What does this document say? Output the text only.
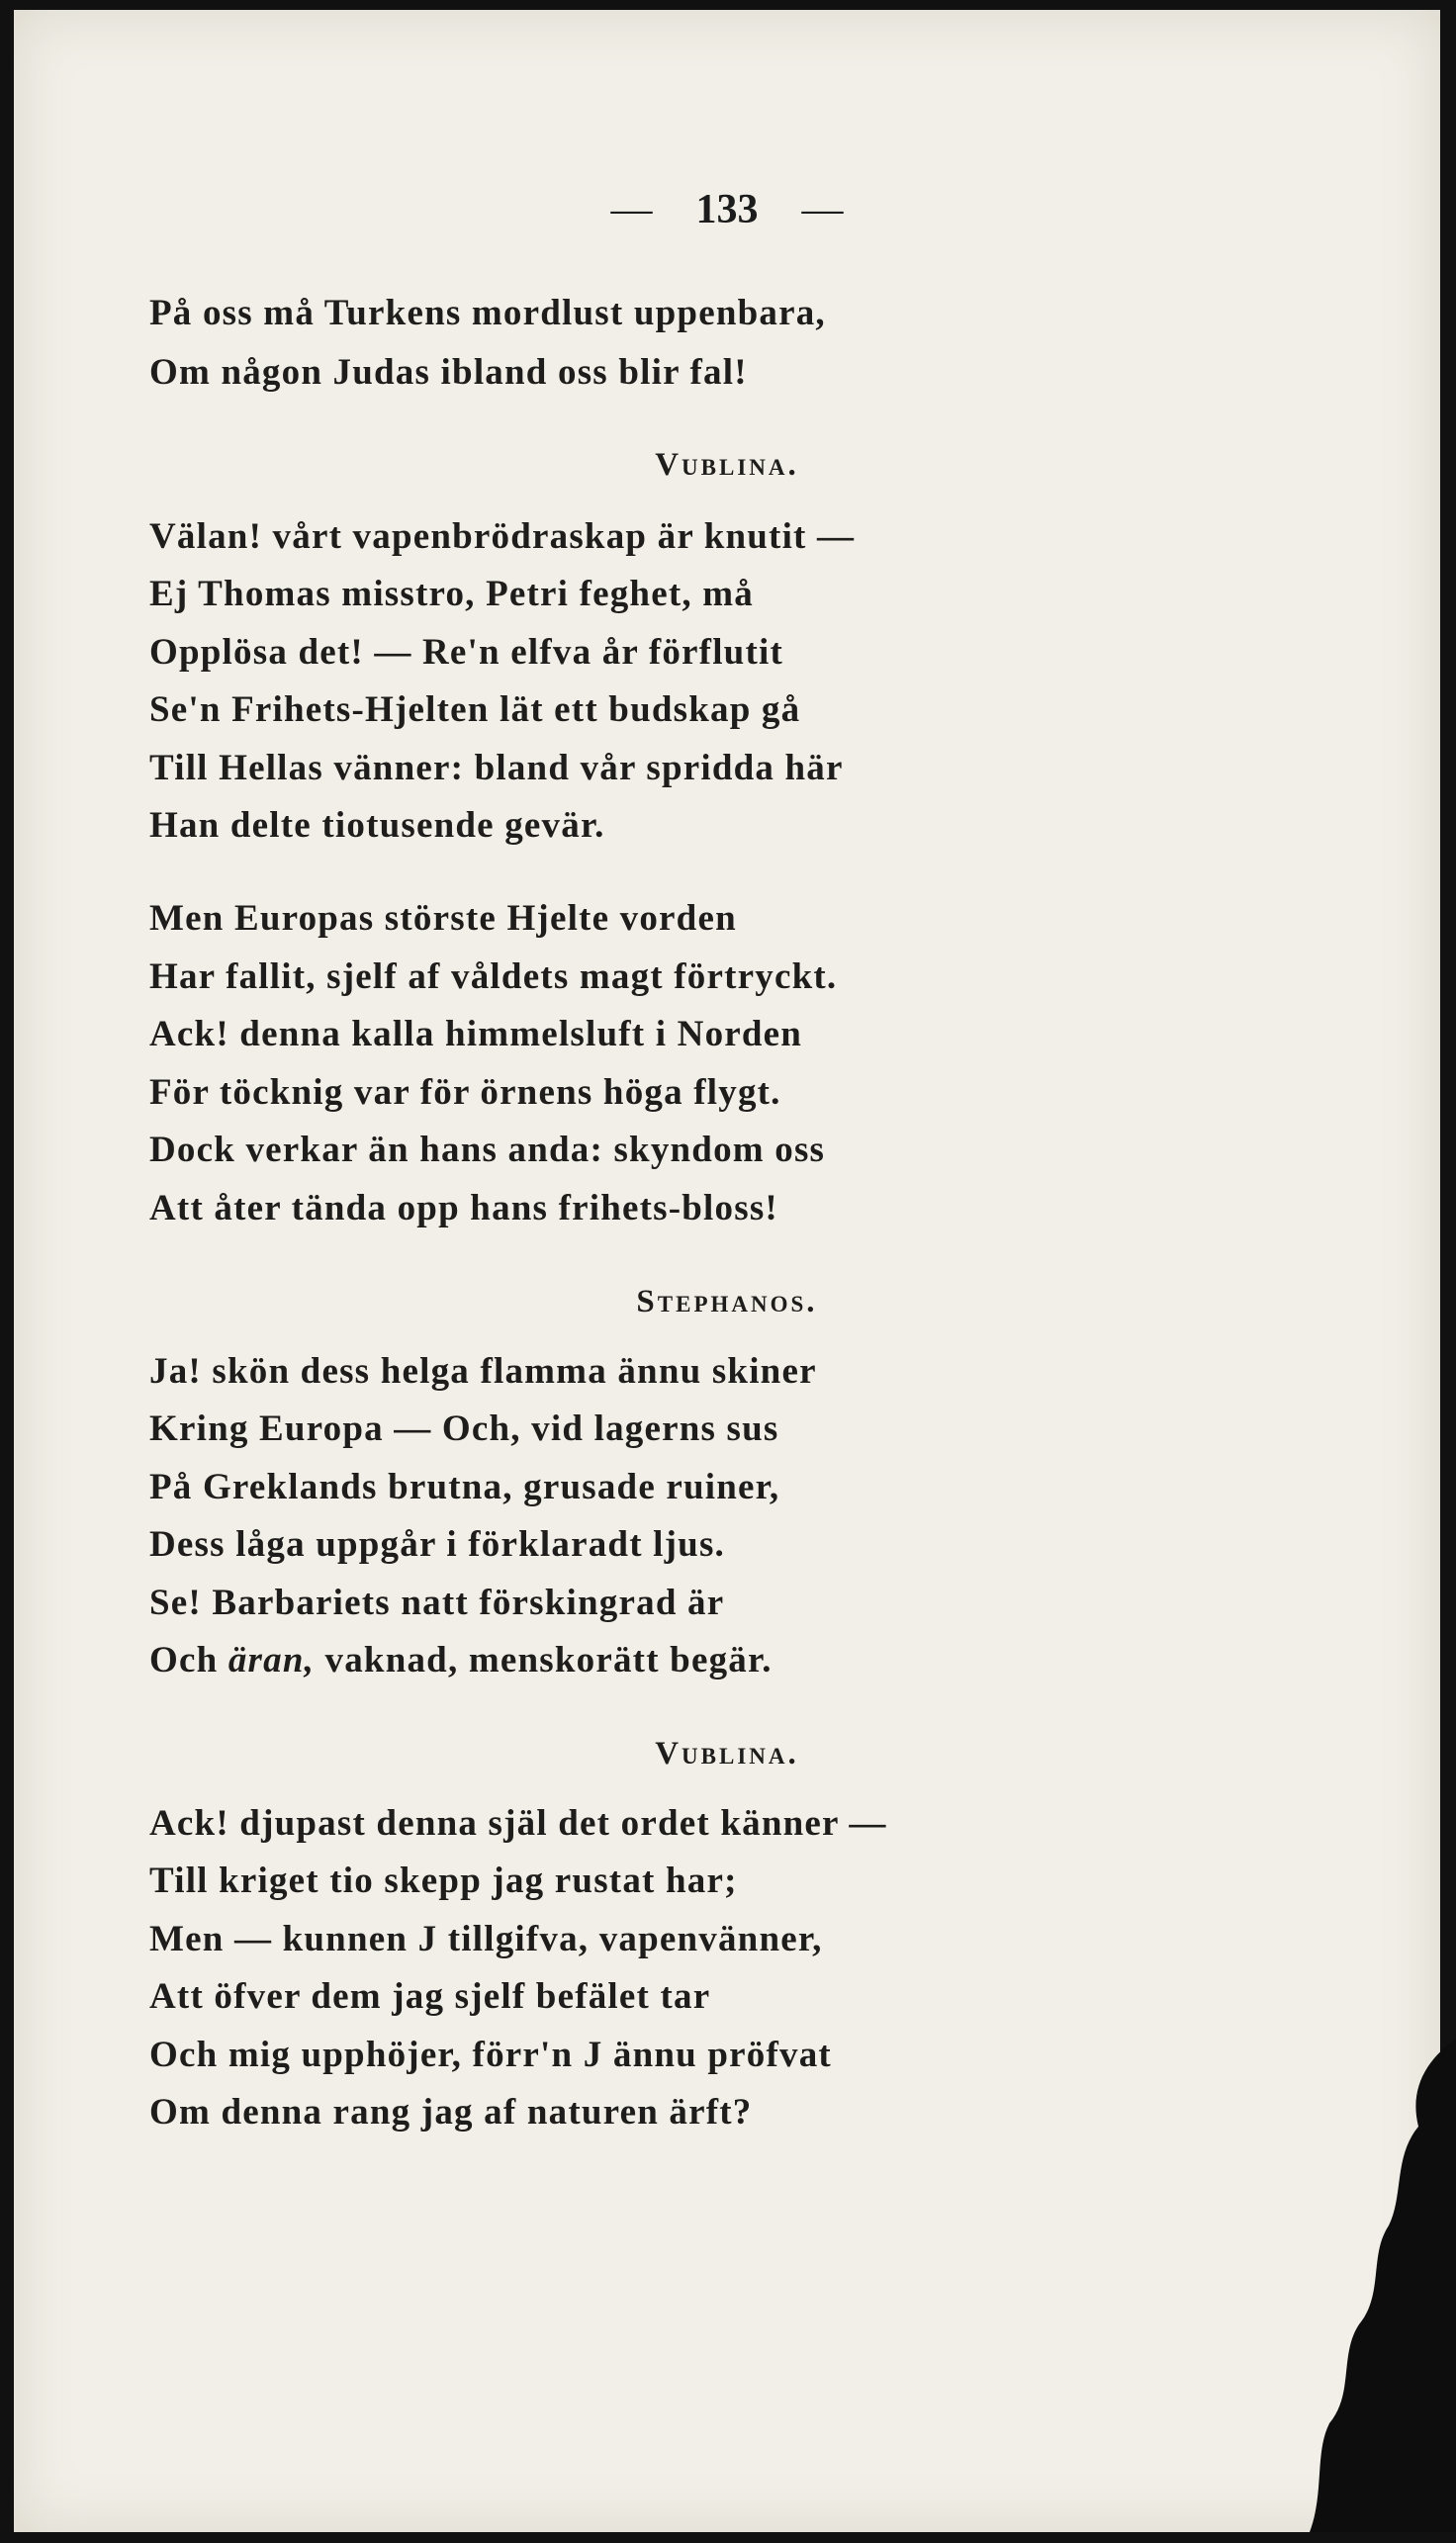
— 133 —
På oss må Turkens mordlust uppenbara,
Om någon Judas ibland oss blir fal!
Vublina.
Välan! vårt vapenbrödraskap är knutit —
Ej Thomas misstro, Petri feghet, må
Opplösa det! — Re'n elfva år förflutit
Se'n Frihets-Hjelten lät ett budskap gå
Till Hellas vänner: bland vår spridda här
Han delte tiotusende gevär.
Men Europas störste Hjelte vorden
Har fallit, sjelf af våldets magt förtryckt.
Ack! denna kalla himmelsluft i Norden
För töcknig var för örnens höga flygt.
Dock verkar än hans anda: skyndom oss
Att åter tända opp hans frihets-bloss!
Stephanos.
Ja! skön dess helga flamma ännu skiner
Kring Europa — Och, vid lagerns sus
På Greklands brutna, grusade ruiner,
Dess låga uppgår i förklaradt ljus.
Se! Barbariets natt förskingrad är
Och äran, vaknad, menskorätt begär.
Vublina.
Ack! djupast denna själ det ordet känner —
Till kriget tio skepp jag rustat har;
Men — kunnen J tillgifva, vapenvänner,
Att öfver dem jag sjelf befälet tar
Och mig upphöjer, förr'n J ännu pröfvat
Om denna rang jag af naturen ärft?
